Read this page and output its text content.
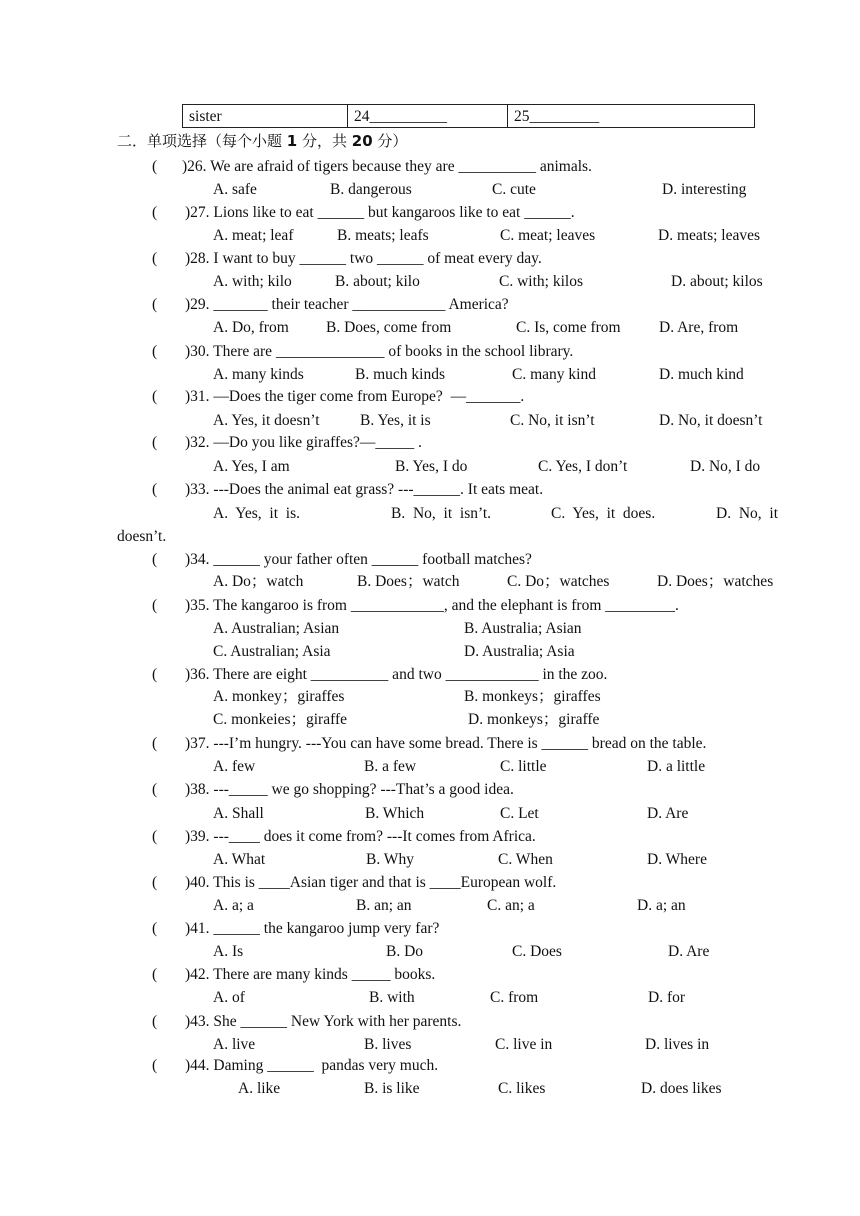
sister	24__________	25_________
二．单项选择（每个小题 1 分，共 20 分）
( )26. We are afraid of tigers because they are __________ animals.
A. safe	B. dangerous	C. cute	D. interesting
( )27. Lions like to eat ______ but kangaroos like to eat ______.
A. meat; leaf	B. meats; leafs	C. meat; leaves	D. meats; leaves
( )28. I want to buy ______ two ______ of meat every day.
A. with; kilo	B. about; kilo	C. with; kilos	D. about; kilos
( )29. _______ their teacher ____________ America?
A. Do, from B. Does, come from	C. Is, come from D. Are, from
( )30. There are ______________ of books in the school library.
A. many kinds	B. much kinds	C. many kind	D. much kind
( )31. —Does the tiger come from Europe?  —_______.
A. Yes, it doesn’t	B. Yes, it is	C. No, it isn’t	D. No, it doesn’t
( )32. —Do you like giraffes?—_____ .
A. Yes, I am	B. Yes, I do	C. Yes, I don’t	D. No, I do
( )33. ---Does the animal eat grass? ---______. It eats meat.
A.  Yes,  it  is.	B.  No,  it  isn’t.	C.  Yes,  it  does.	D.  No,  it
doesn’t.
( )34. ______ your father often ______ football matches?
A. Do；watch	B. Does；watch	C. Do；watches	D. Does；watches
( )35. The kangaroo is from ____________, and the elephant is from _________.
A. Australian; Asian	B. Australia; Asian
C. Australian; Asia	D. Australia; Asia
( )36. There are eight __________ and two ____________ in the zoo.
A. monkey；giraffes	B. monkeys；giraffes
C. monkeies；giraffe	D. monkeys；giraffe
( )37. ---I’m hungry. ---You can have some bread. There is ______ bread on the table.
A. few	B. a few	C. little	D. a little
( )38. ---_____ we go shopping? ---That’s a good idea.
A. Shall	B. Which	C. Let	D. Are
( )39. ---____ does it come from? ---It comes from Africa.
A. What	B. Why	C. When	D. Where
( )40. This is ____Asian tiger and that is ____European wolf.
A. a; a	B. an; an	C. an; a	D. a; an
( )41. ______ the kangaroo jump very far?
A. Is	B. Do	C. Does	D. Are
( )42. There are many kinds _____ books.
A. of	B. with	C. from	D. for
( )43. She ______ New York with her parents.
A. live	B. lives	C. live in	D. lives in
( )44. Daming ______  pandas very much.
A. like	B. is like	C. likes	D. does likes
